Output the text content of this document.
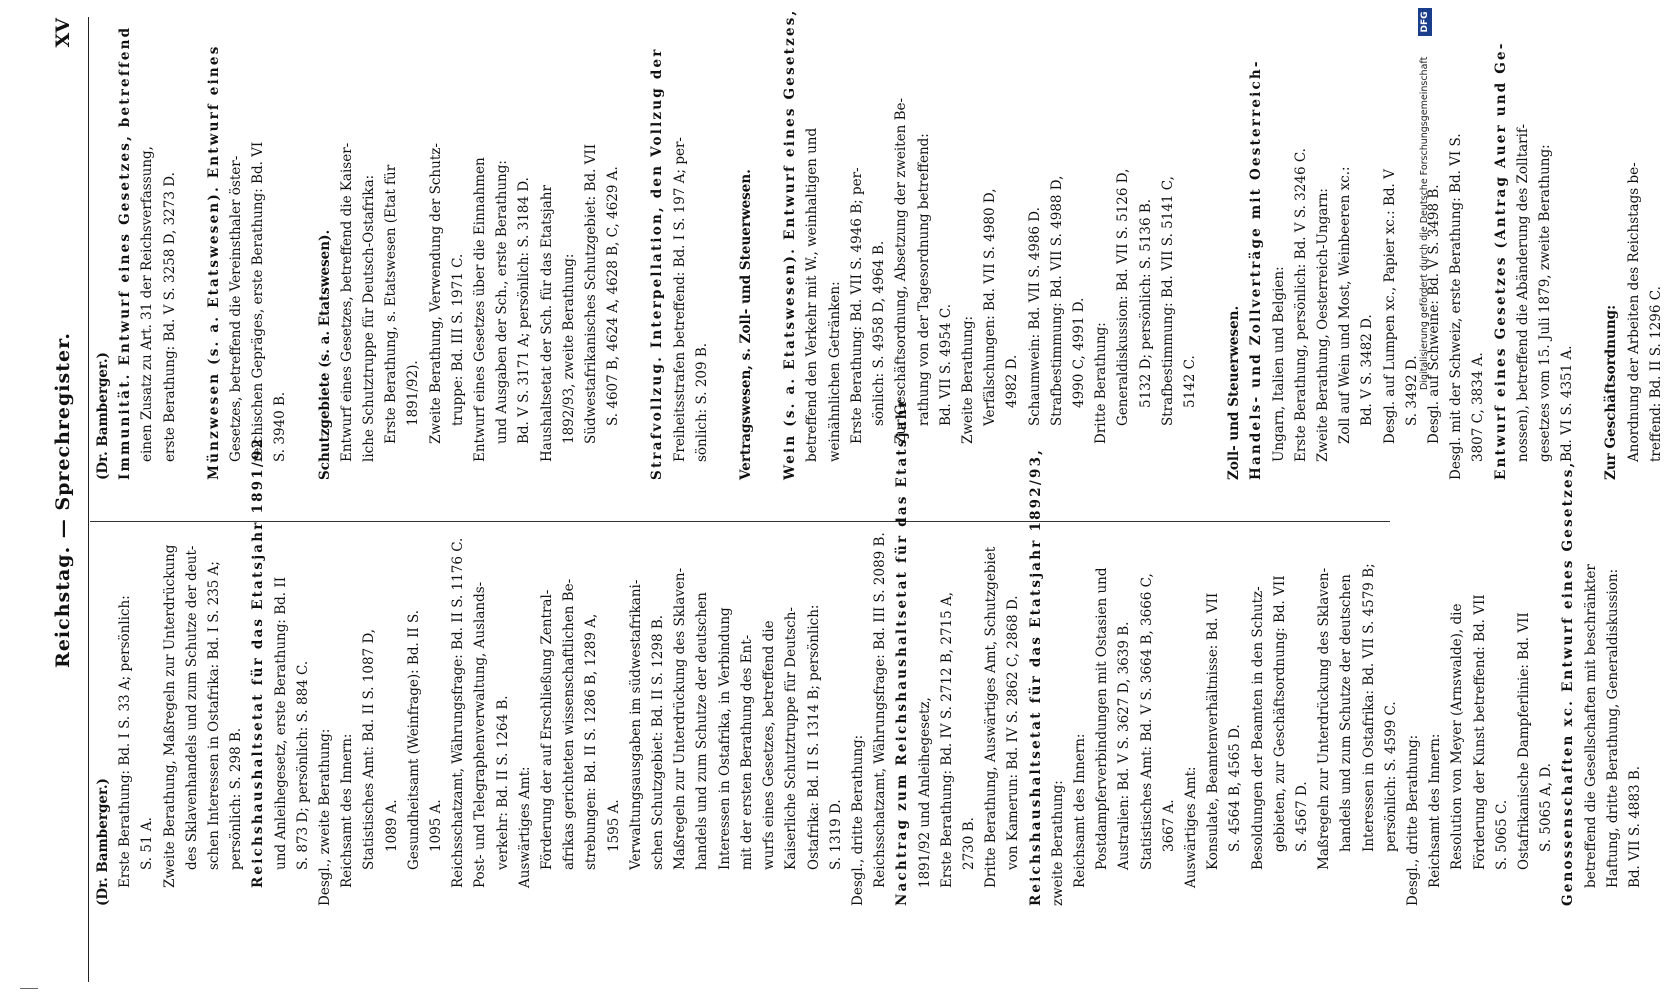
Reichstag. — Sprechregister.
XV
(Dr. Bamberger.) Erste Berathung: Bd. I S. 33 A; persönlich: S. 51 A. Zweite Berathung, Maßregeln zur Unterdrückung des Sklavenhandels und zum Schutze der deut- schen Interessen in Ostafrika: Bd. I S. 235 A; persönlich: S. 298 B. Reichshaushaltsetat für das Etatsjahr 1891/92 und Anleihegesetz, erste Berathung: Bd. II S. 873 D; persönlich: S. 884 C. Desgl., zweite Berathung: Reichsamt des Innern: Statistisches Amt: Bd. II S. 1087 D, 1089 A. Gesundheitsamt (Weinfrage): Bd. II S. 1095 A. Reichsschatzamt, Währungsfrage: Bd. II S. 1176 C. Post- und Telegraphenverwaltung, Auslands- verkehr: Bd. II S. 1264 B. Auswärtiges Amt: Förderung der auf Erschließung Zentral- afrikas gerichteten wissenschaftlichen Be- strebungen: Bd. II S. 1286 B, 1289 A, 1595 A. Verwaltungsausgaben im südwestafrikani- schen Schutzgebiet: Bd. II S. 1298 B. Maßregeln zur Unterdrückung des Sklaven- handels und zum Schutze der deutschen Interessen in Ostafrika, in Verbindung mit der ersten Berathung des Ent- wurfs eines Gesetzes, betreffend die Kaiserliche Schutztruppe für Deutsch- Ostafrika: Bd. II S. 1314 B; persönlich: S. 1319 D. Desgl., dritte Berathung: Reichsschatzamt, Währungsfrage: Bd. III S. 2089 B. Nachtrag zum Reichshaushaltsetat für das Etatsjahr 1891/92 und Anleihegesetz, Erste Berathung: Bd. IV S. 2712 B, 2715 A, 2730 B. Dritte Berathung, Auswärtiges Amt, Schutzgebiet von Kamerun: Bd. IV S. 2862 C, 2868 D. Reichshaushaltsetat für das Etatsjahr 1892/93, zweite Berathung: Reichsamt des Innern: Postdampferverbindungen mit Ostasien und Australien: Bd. V S. 3627 D, 3639 B. Statistisches Amt: Bd. V S. 3664 B, 3666 C, 3667 A. Auswärtiges Amt: Konsulate, Beamtenverhältnisse: Bd. VII S. 4564 B, 4565 D. Besoldungen der Beamten in den Schutz- gebieten, zur Geschäftsordnung: Bd. VII S. 4567 D. Maßregeln zur Unterdrückung des Sklaven- handels und zum Schutze der deutschen Interessen in Ostafrika: Bd. VII S. 4579 B; persönlich: S. 4599 C. Desgl., dritte Berathung: Reichsamt des Innern: Resolution von Meyer (Arnswalde), die Förderung der Kunst betreffend: Bd. VII S. 5065 C. Ostafrikanische Dampferlinie: Bd. VII S. 5065 A, D. Genossenschaften xc. Entwurf eines Gesetzes, betreffend die Gesellschaften mit beschränkter Haftung, dritte Berathung, Generaldiskussion: Bd. VII S. 4883 B.
(Dr. Bamberger.) Immunität. Entwurf eines Gesetzes, betreffend einen Zusatz zu Art. 31 der Reichsverfassung, erste Berathung: Bd. V S. 3258 D, 3273 D. Münzwesen (s. a. Etatswesen). Entwurf eines Gesetzes, betreffend die Vereinsthaler öster- reichischen Gepräges, erste Berathung: Bd. VI S. 3940 B. Schutzgebiete (s. a. Etatswesen). Entwurf eines Gesetzes, betreffend die Kaiser- liche Schutztruppe für Deutsch-Ostafrika: Erste Berathung, s. Etatswesen (Etat für 1891/92). Zweite Berathung, Verwendung der Schutz- truppe: Bd. III S. 1971 C. Entwurf eines Gesetzes über die Einnahmen und Ausgaben der Sch., erste Berathung: Bd. V S. 3171 A; persönlich: S. 3184 D. Haushaltsetat der Sch. für das Etatsjahr 1892/93, zweite Berathung: Südwestafrikanisches Schutzgebiet: Bd. VII S. 4607 B, 4624 A, 4628 B, C, 4629 A. Strafvollzug. Interpellation, den Vollzug der Freiheitsstrafen betreffend: Bd. I S. 197 A; per- sönlich: S. 209 B. Vertragswesen, s. Zoll- und Steuerwesen. Wein (s. a. Etatswesen). Entwurf eines Gesetzes, betreffend den Verkehr mit W., weinhaltigen und weinähnlichen Getränken: Erste Berathung: Bd. VII S. 4946 B; per- sönlich: S. 4958 D, 4964 B. Zur Geschäftsordnung, Absetzung der zweiten Be- rathung von der Tagesordnung betreffend: Bd. VII S. 4954 C. Zweite Berathung: Verfälschungen: Bd. VII S. 4980 D, 4982 D. Schaumwein: Bd. VII S. 4986 D. Strafbestimmung: Bd. VII S. 4988 D, 4990 C, 4991 D. Dritte Berathung: Generaldiskussion: Bd. VII S. 5126 D, 5132 D; persönlich: S. 5136 B. Strafbestimmung: Bd. VII S. 5141 C, 5142 C. Zoll- und Steuerwesen. Handels- und Zollverträge mit Oesterreich- Ungarn, Italien und Belgien: Erste Berathung, persönlich: Bd. V S. 3246 C. Zweite Berathung, Oesterreich-Ungarn: Zoll auf Wein und Most, Weinbeeren xc.: Bd. V S. 3482 D. Desgl. auf Lumpen xc., Papier xc.: Bd. V S. 3492 D. Desgl. auf Schweine: Bd. V S. 3498 B. Desgl. mit der Schweiz, erste Berathung: Bd. VI S. 3807 C, 3834 A. Entwurf eines Gesetzes (Antrag Auer und Ge- nossen), betreffend die Abänderung des Zolltarif- gesetzes vom 15. Juli 1879, zweite Berathung: Bd. VI S. 4351 A. Zur Geschäftsordnung: Anordnung der Arbeiten des Reichstags be- treffend: Bd. II S. 1296 C.
DFG
Digitalisierung gefördert durch die Deutsche Forschungsgemeinschaft
